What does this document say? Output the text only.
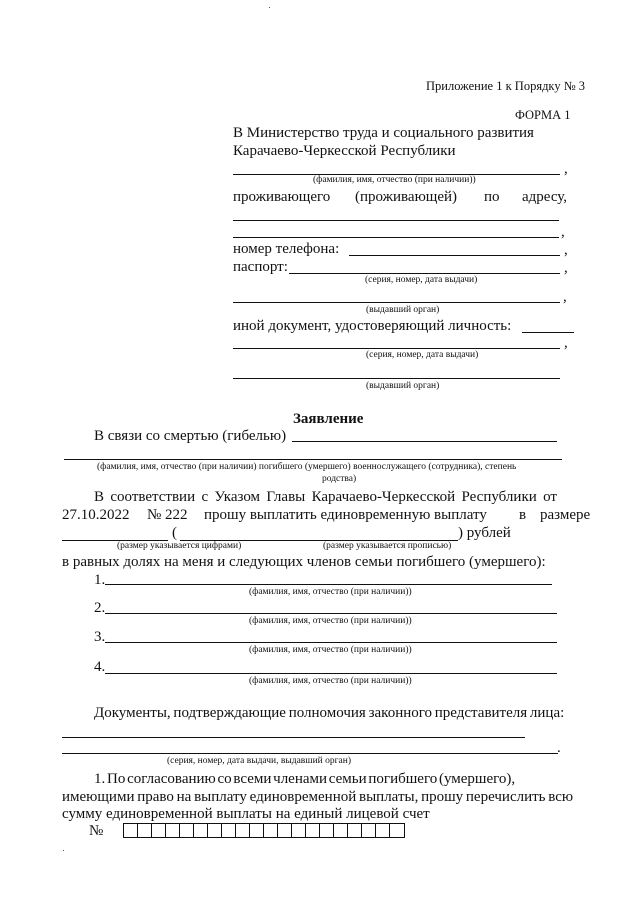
Приложение 1 к Порядку № 3
ФОРМА 1
В Министерство труда и социального развития
Карачаево-Черкесской Республики
,
(фамилия, имя, отчество (при наличии))
проживающего (проживающей) по адресу,
,
номер телефона:	,
паспорт:	,
(серия, номер, дата выдачи)
,
(выдавший орган)
иной документ, удостоверяющий личность:
,
(серия, номер, дата выдачи)
(выдавший орган)
Заявление
В связи со смертью (гибелью)
(фамилия, имя, отчество (при наличии) погибшего (умершего) военнослужащего (сотрудника), степень
родства)
В соответствии с Указом Главы Карачаево-Черкесской Республики от
27.10.2022 № 222 прошу выплатить единовременную выплату в размере
(	) рублей
(размер указывается цифрами)	(размер указывается прописью)
в равных долях на меня и следующих членов семьи погибшего (умершего):
1.
(фамилия, имя, отчество (при наличии))
2.
(фамилия, имя, отчество (при наличии))
3.
(фамилия, имя, отчество (при наличии))
4.
(фамилия, имя, отчество (при наличии))
Документы, подтверждающие полномочия законного представителя лица:
.
(серия, номер, дата выдачи, выдавший орган)
1. По согласованию со всеми членами семьи погибшего (умершего),
имеющими право на выплату единовременной выплаты, прошу перечислить всю
сумму единовременной выплаты на единый лицевой счет
№
